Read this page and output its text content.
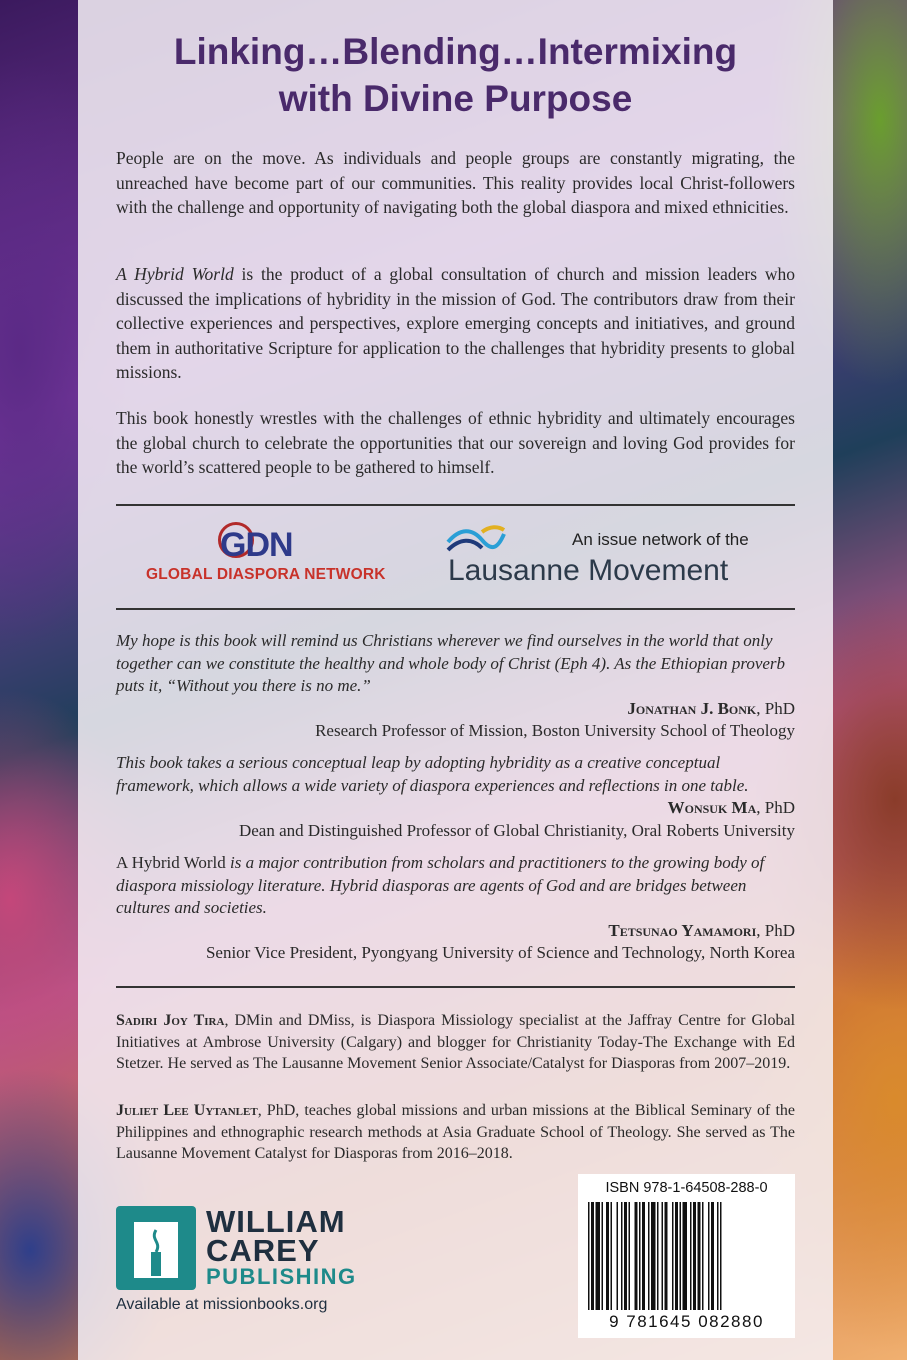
Linking…Blending…Intermixing
with Divine Purpose

People are on the move. As individuals and people groups are constantly migrating, the unreached have become part of our communities. This reality provides local Christ-followers with the challenge and opportunity of navigating both the global diaspora and mixed ethnicities.

A Hybrid World is the product of a global consultation of church and mission leaders who discussed the implications of hybridity in the mission of God. The contributors draw from their collective experiences and perspectives, explore emerging concepts and initiatives, and ground them in authoritative Scripture for application to the challenges that hybridity presents to global missions.

This book honestly wrestles with the challenges of ethnic hybridity and ultimately encourages the global church to celebrate the opportunities that our sovereign and loving God provides for the world’s scattered people to be gathered to himself.

GDN
GLOBAL DIASPORA NETWORK
An issue network of the
Lausanne Movement

My hope is this book will remind us Christians wherever we find ourselves in the world that only together can we constitute the healthy and whole body of Christ (Eph 4). As the Ethiopian proverb puts it, “Without you there is no me.”

Jonathan J. Bonk, PhD

Research Professor of Mission, Boston University School of Theology

This book takes a serious conceptual leap by adopting hybridity as a creative conceptual framework, which allows a wide variety of diaspora experiences and reflections in one table.

Wonsuk Ma, PhD

Dean and Distinguished Professor of Global Christianity, Oral Roberts University

A Hybrid World is a major contribution from scholars and practitioners to the growing body of diaspora missiology literature. Hybrid diasporas are agents of God and are bridges between cultures and societies.

Tetsunao Yamamori, PhD

Senior Vice President, Pyongyang University of Science and Technology, North Korea

Sadiri Joy Tira, DMin and DMiss, is Diaspora Missiology specialist at the Jaffray Centre for Global Initiatives at Ambrose University (Calgary) and blogger for Christianity Today-The Exchange with Ed Stetzer. He served as The Lausanne Movement Senior Associate/Catalyst for Diasporas from 2007–2019.

Juliet Lee Uytanlet, PhD, teaches global missions and urban missions at the Biblical Seminary of the Philippines and ethnographic research methods at Asia Graduate School of Theology. She served as The Lausanne Movement Catalyst for Diasporas from 2016–2018.

WILLIAM
CAREY
PUBLISHING
Available at missionbooks.org
ISBN 978-1-64508-288-0
9 781645 082880
